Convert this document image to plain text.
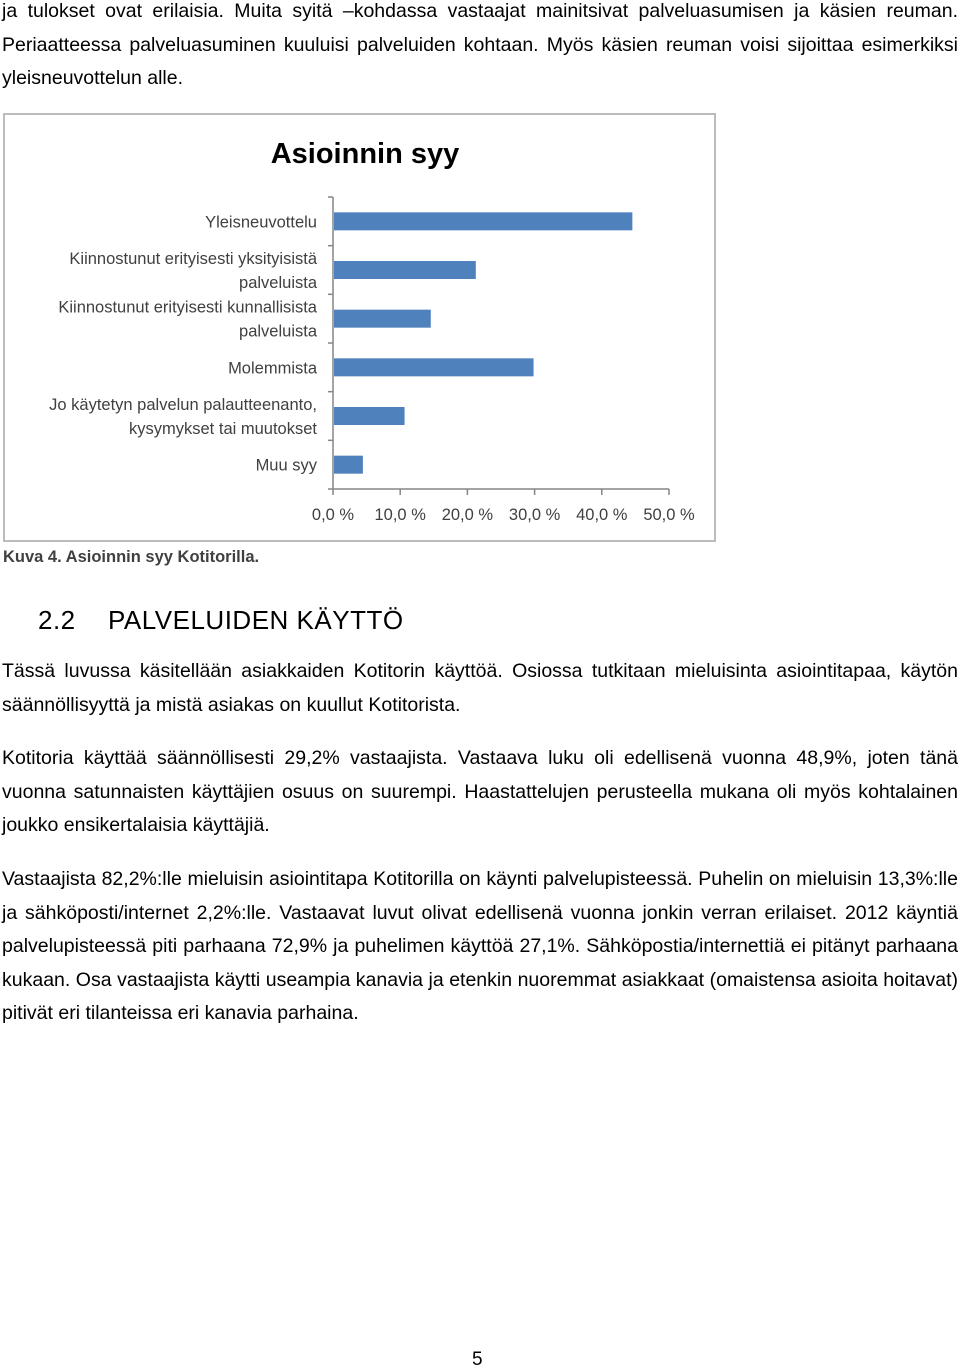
ja tulokset ovat erilaisia. Muita syitä –kohdassa vastaajat mainitsivat palveluasumisen ja käsien reuman. Periaatteessa palveluasuminen kuuluisi palveluiden kohtaan. Myös käsien reuman voisi sijoittaa esimerkiksi yleisneuvottelun alle.

Asioinnin syy
Yleisneuvottelu
Kiinnostunut erityisesti yksityisistä
palveluista
Kiinnostunut erityisesti kunnallisista
palveluista
Molemmista
Jo käytetyn palvelun palautteenanto,
kysymykset tai muutokset
Muu syy
0,0 % 10,0 % 20,0 % 30,0 % 40,0 % 50,0 %

Kuva 4. Asioinnin syy Kotitorilla.

2.2 PALVELUIDEN KÄYTTÖ

Tässä luvussa käsitellään asiakkaiden Kotitorin käyttöä. Osiossa tutkitaan mieluisinta asiointitapaa, käytön säännöllisyyttä ja mistä asiakas on kuullut Kotitorista.

Kotitoria käyttää säännöllisesti 29,2% vastaajista. Vastaava luku oli edellisenä vuonna 48,9%, joten tänä vuonna satunnaisten käyttäjien osuus on suurempi. Haastattelujen perusteella mukana oli myös kohtalainen joukko ensikertalaisia käyttäjiä.

Vastaajista 82,2%:lle mieluisin asiointitapa Kotitorilla on käynti palvelupisteessä. Puhelin on mieluisin 13,3%:lle ja sähköposti/internet 2,2%:lle. Vastaavat luvut olivat edellisenä vuonna jonkin verran erilaiset. 2012 käyntiä palvelupisteessä piti parhaana 72,9% ja puhelimen käyttöä 27,1%. Sähköpostia/internettiä ei pitänyt parhaana kukaan. Osa vastaajista käytti useampia kanavia ja etenkin nuoremmat asiakkaat (omaistensa asioita hoitavat) pitivät eri tilanteissa eri kanavia parhaina.

5
